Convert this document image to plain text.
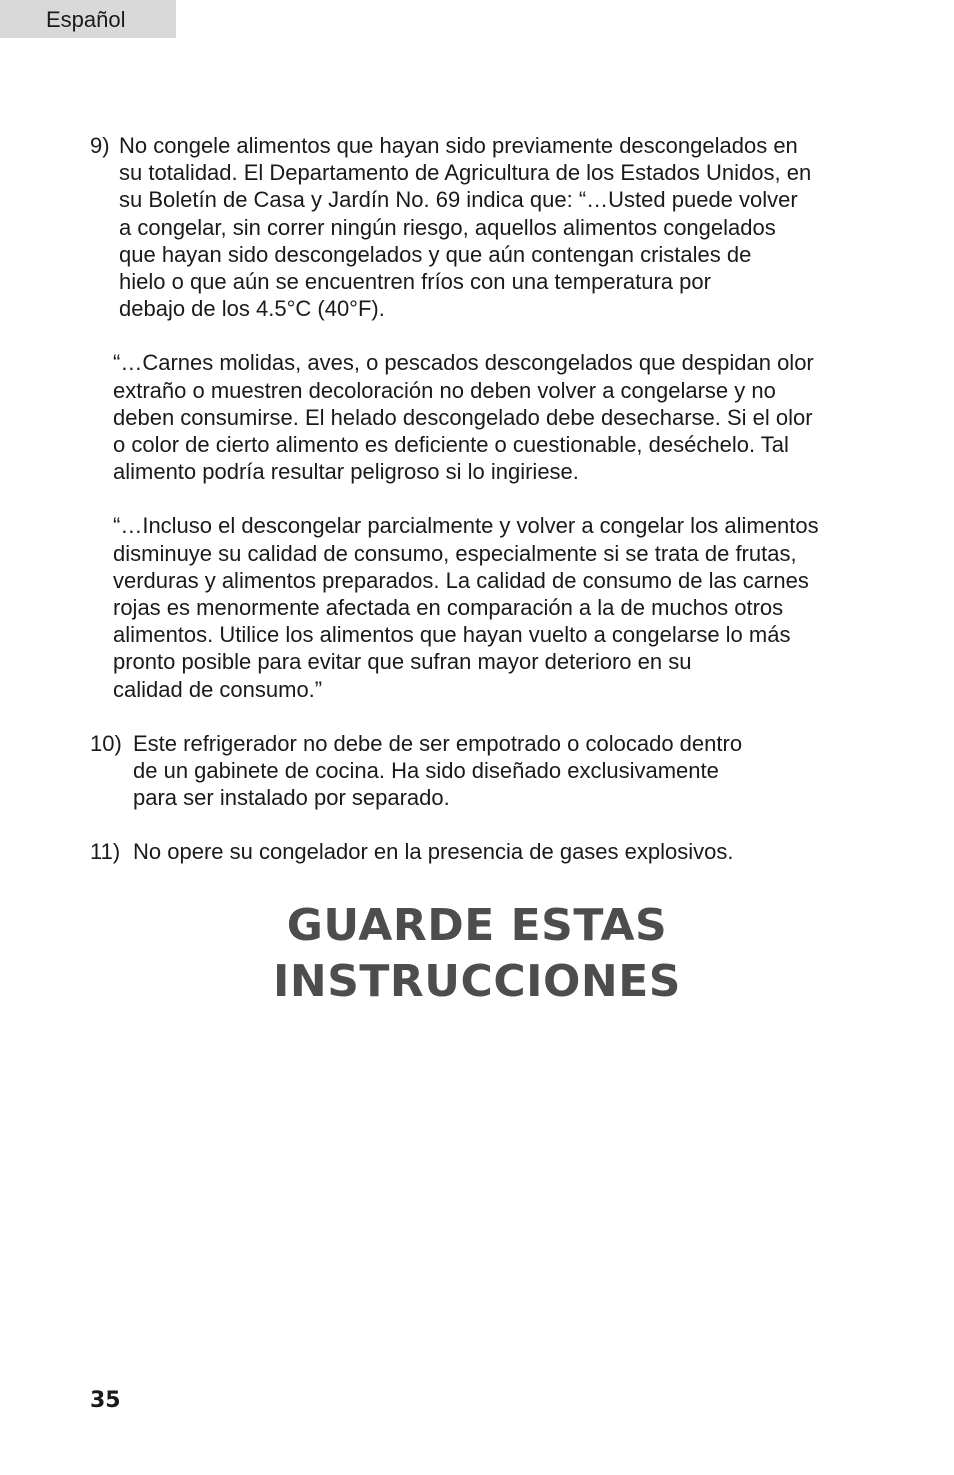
Español
9) No congele alimentos que hayan sido previamente descongelados en
su totalidad. El Departamento de Agricultura de los Estados Unidos, en
su Boletín de Casa y Jardín No. 69 indica que: “…Usted puede volver
a congelar, sin correr ningún riesgo, aquellos alimentos congelados
que hayan sido descongelados y que aún contengan cristales de
hielo o que aún se encuentren fríos con una temperatura por
debajo de los 4.5°C (40°F).
“…Carnes molidas, aves, o pescados descongelados que despidan olor
extraño o muestren decoloración no deben volver a congelarse y no
deben consumirse. El helado descongelado debe desecharse. Si el olor
o color de cierto alimento es deficiente o cuestionable, deséchelo. Tal
alimento podría resultar peligroso si lo ingiriese.
“…Incluso el descongelar parcialmente y volver a congelar los alimentos
disminuye su calidad de consumo, especialmente si se trata de frutas,
verduras y alimentos preparados. La calidad de consumo de las carnes
rojas es menormente afectada en comparación a la de muchos otros
alimentos. Utilice los alimentos que hayan vuelto a congelarse lo más
pronto posible para evitar que sufran mayor deterioro en su
calidad de consumo.”
10) Este refrigerador no debe de ser empotrado o colocado dentro
de un gabinete de cocina. Ha sido diseñado exclusivamente
para ser instalado por separado.
11) No opere su congelador en la presencia de gases explosivos.
GUARDE ESTAS
INSTRUCCIONES
35
